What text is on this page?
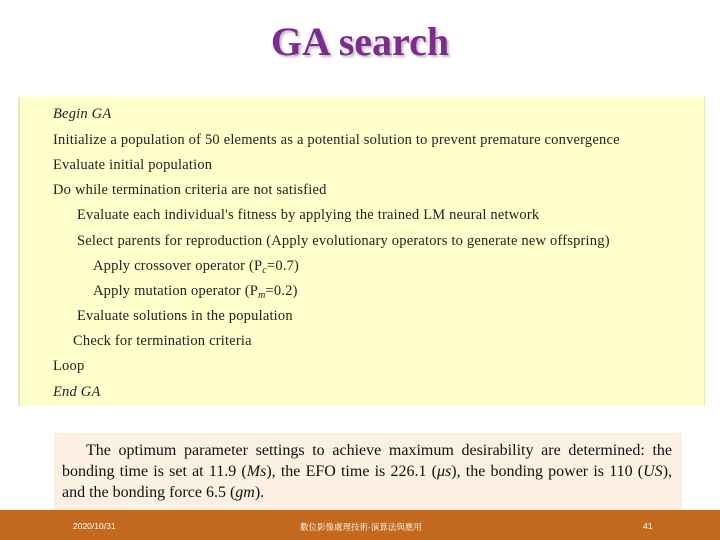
GA search
Begin GA
Initialize a population of 50 elements as a potential solution to prevent premature convergence
Evaluate initial population
Do while termination criteria are not satisfied
Evaluate each individual's fitness by applying the trained LM neural network
Select parents for reproduction (Apply evolutionary operators to generate new offspring)
Apply crossover operator $(P_c=0.7)$
Apply mutation operator $(P_m=0.2)$
Evaluate solutions in the population
Check for termination criteria
Loop
End GA

The optimum parameter settings to achieve maximum desirability are determined: the bonding time is set at 11.9 (Ms), the EFO time is 226.1 (μs), the bonding power is 110 (US), and the bonding force 6.5 (gm).

2020/10/31	數位影像處理技術-演算法與應用	41
